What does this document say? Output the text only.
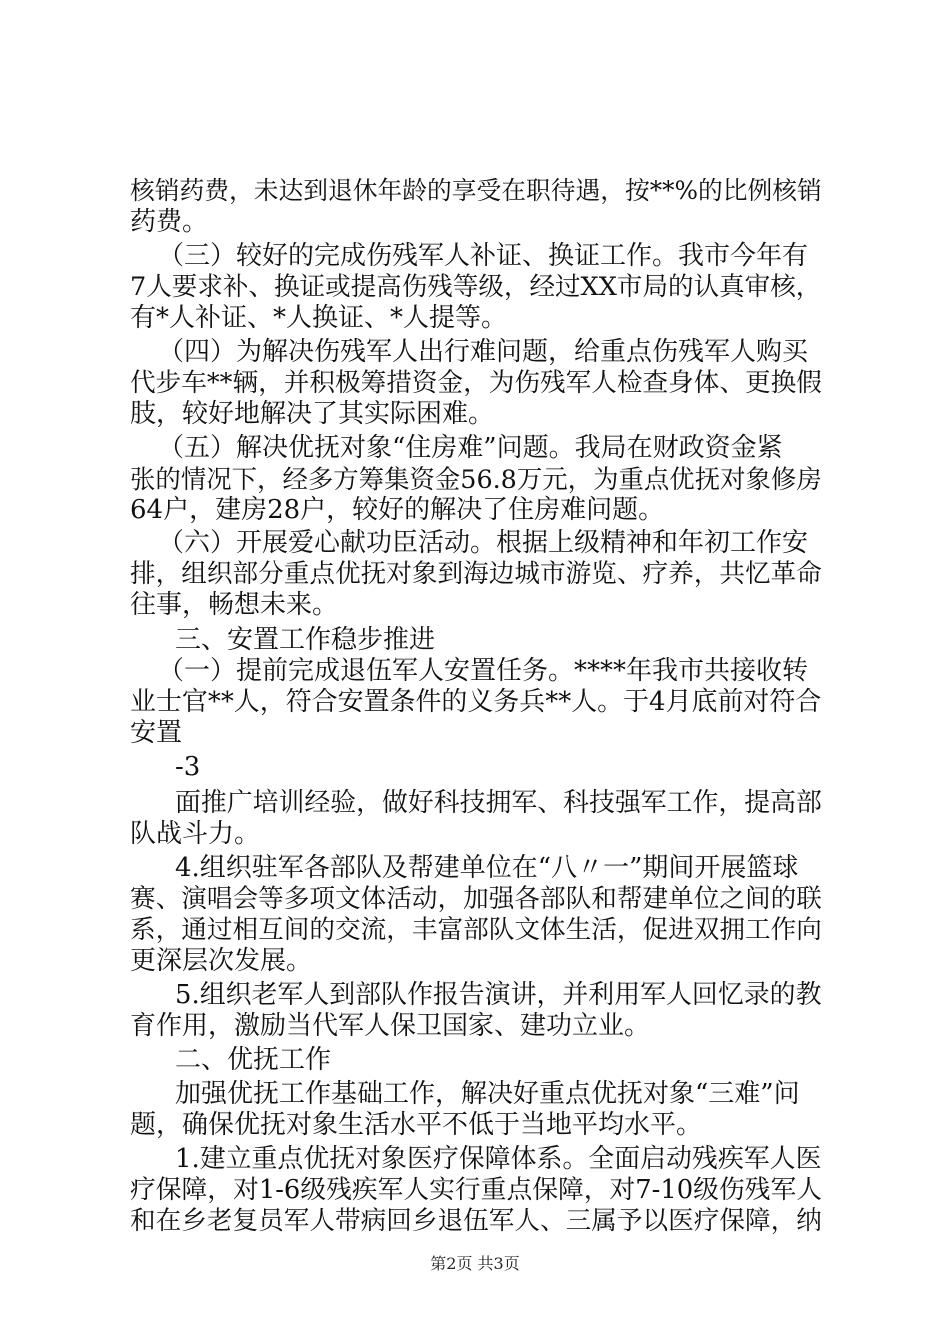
核销药费，未达到退休年龄的享受在职待遇，按**%的比例核销
药费。
（三）较好的完成伤残军人补证、换证工作。我市今年有
7人要求补、换证或提高伤残等级，经过XX市局的认真审核，
有*人补证、*人换证、*人提等。
（四）为解决伤残军人出行难问题，给重点伤残军人购买
代步车**辆，并积极筹措资金，为伤残军人检查身体、更换假
肢，较好地解决了其实际困难。
（五）解决优抚对象“住房难”问题。我局在财政资金紧
张的情况下，经多方筹集资金56.8万元，为重点优抚对象修房
64户，建房28户，较好的解决了住房难问题。
（六）开展爱心献功臣活动。根据上级精神和年初工作安
排，组织部分重点优抚对象到海边城市游览、疗养，共忆革命
往事，畅想未来。
三、安置工作稳步推进
（一）提前完成退伍军人安置任务。****年我市共接收转
业士官**人，符合安置条件的义务兵**人。于4月底前对符合
安置
-3
面推广培训经验，做好科技拥军、科技强军工作，提高部
队战斗力。
4.组织驻军各部队及帮建单位在“八〃一”期间开展篮球
赛、演唱会等多项文体活动，加强各部队和帮建单位之间的联
系，通过相互间的交流，丰富部队文体生活，促进双拥工作向
更深层次发展。
5.组织老军人到部队作报告演讲，并利用军人回忆录的教
育作用，激励当代军人保卫国家、建功立业。
二、优抚工作
加强优抚工作基础工作，解决好重点优抚对象“三难”问
题，确保优抚对象生活水平不低于当地平均水平。
1.建立重点优抚对象医疗保障体系。全面启动残疾军人医
疗保障，对1-6级残疾军人实行重点保障，对7-10级伤残军人
和在乡老复员军人带病回乡退伍军人、三属予以医疗保障，纳
第2页 共3页
